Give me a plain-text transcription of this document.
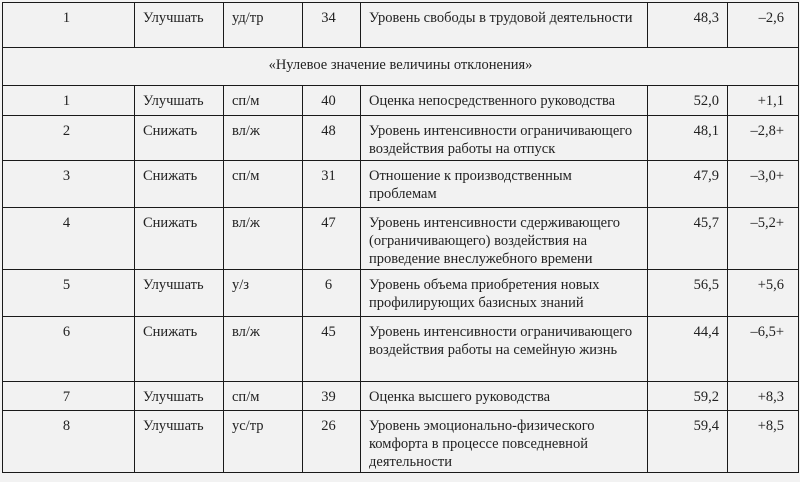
1	Улучшать	уд/тр	34	Уровень свободы в трудовой деятельности	48,3	–2,6

«Нулевое значение величины отклонения»						

1	Улучшать	сп/м	40	Оценка непосредственного руководства	52,0	+1,1

2	Снижать	вл/ж	48	Уровень интенсивности ограничивающего воздействия работы на отпуск	48,1	–2,8+

3	Снижать	сп/м	31	Отношение к производственным проблемам	47,9	–3,0+

4	Снижать	вл/ж	47	Уровень интенсивности сдерживающего (ограничивающего) воздействия на проведение внеслужебного времени	45,7	–5,2+

5	Улучшать	у/з	6	Уровень объема приобретения новых профилирующих базисных знаний	56,5	+5,6

6	Снижать	вл/ж	45	Уровень интенсивности ограничивающего воздействия работы на семейную жизнь	44,4	–6,5+

7	Улучшать	сп/м	39	Оценка высшего руководства	59,2	+8,3

8	Улучшать	ус/тр	26	Уровень эмоционально-физического комфорта в процессе повседневной деятельности	59,4	+8,5
